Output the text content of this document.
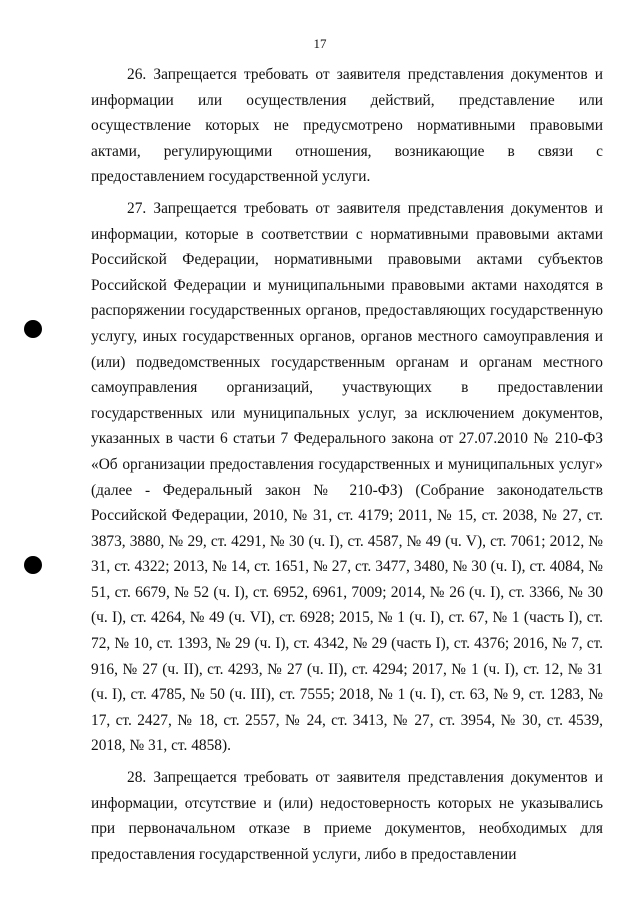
17

26. Запрещается требовать от заявителя представления документов и информации или осуществления действий, представление или осуществление которых не предусмотрено нормативными правовыми актами, регулирующими отношения, возникающие в связи с предоставлением государственной услуги.

27. Запрещается требовать от заявителя представления документов и информации, которые в соответствии с нормативными правовыми актами Российской Федерации, нормативными правовыми актами субъектов Российской Федерации и муниципальными правовыми актами находятся в распоряжении государственных органов, предоставляющих государственную услугу, иных государственных органов, органов местного самоуправления и (или) подведомственных государственным органам и органам местного самоуправления организаций, участвующих в предоставлении государственных или муниципальных услуг, за исключением документов, указанных в части 6 статьи 7 Федерального закона от 27.07.2010 № 210-ФЗ «Об организации предоставления государственных и муниципальных услуг» (далее - Федеральный закон № 210-ФЗ) (Собрание законодательств Российской Федерации, 2010, № 31, ст. 4179; 2011, № 15, ст. 2038, № 27, ст. 3873, 3880, № 29, ст. 4291, № 30 (ч. I), ст. 4587, № 49 (ч. V), ст. 7061; 2012, № 31, ст. 4322; 2013, № 14, ст. 1651, № 27, ст. 3477, 3480, № 30 (ч. I), ст. 4084, № 51, ст. 6679, № 52 (ч. I), ст. 6952, 6961, 7009; 2014, № 26 (ч. I), ст. 3366, № 30 (ч. I), ст. 4264, № 49 (ч. VI), ст. 6928; 2015, № 1 (ч. I), ст. 67, № 1 (часть I), ст. 72, № 10, ст. 1393, № 29 (ч. I), ст. 4342, № 29 (часть I), ст. 4376; 2016, № 7, ст. 916, № 27 (ч. II), ст. 4293, № 27 (ч. II), ст. 4294; 2017, № 1 (ч. I), ст. 12, № 31 (ч. I), ст. 4785, № 50 (ч. III), ст. 7555; 2018, № 1 (ч. I), ст. 63, № 9, ст. 1283, № 17, ст. 2427, № 18, ст. 2557, № 24, ст. 3413, № 27, ст. 3954, № 30, ст. 4539, 2018, № 31, ст. 4858).

28. Запрещается требовать от заявителя представления документов и информации, отсутствие и (или) недостоверность которых не указывались при первоначальном отказе в приеме документов, необходимых для предоставления государственной услуги, либо в предоставлении
